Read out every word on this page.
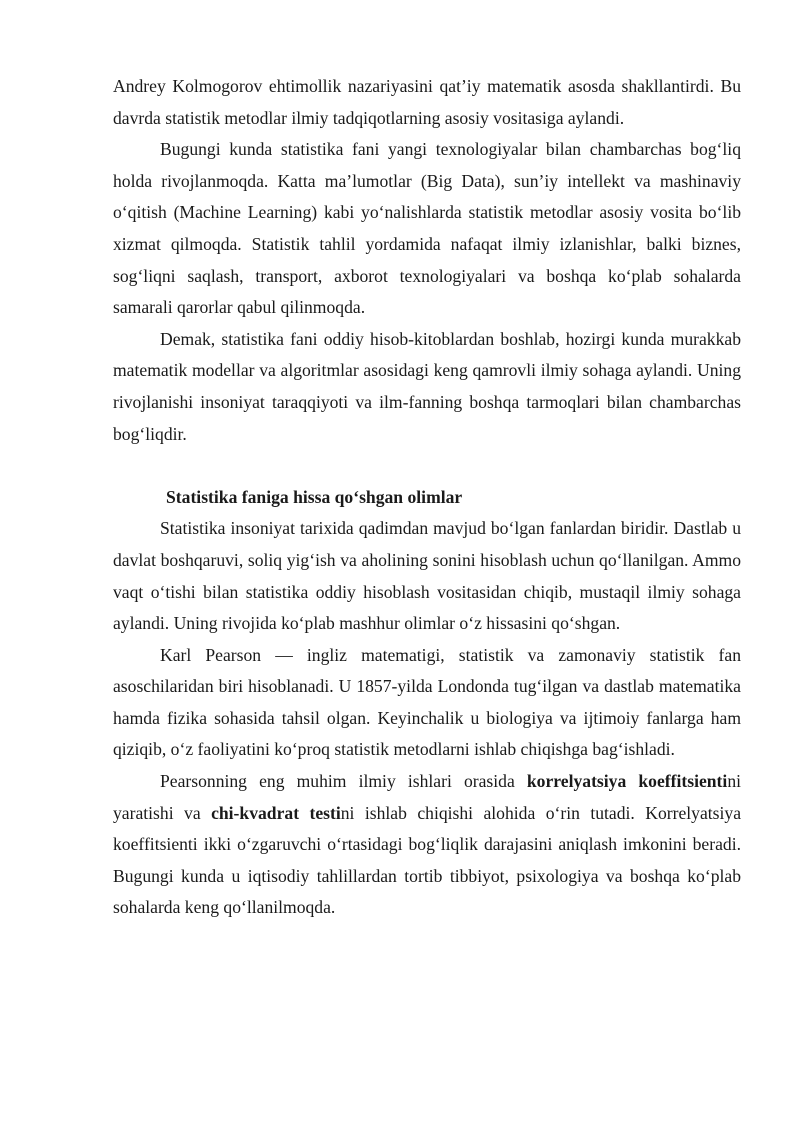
Andrey Kolmogorov ehtimollik nazariyasini qat’iy matematik asosda shakllantirdi. Bu davrda statistik metodlar ilmiy tadqiqotlarning asosiy vositasiga aylandi.

Bugungi kunda statistika fani yangi texnologiyalar bilan chambarchas bog‘liq holda rivojlanmoqda. Katta ma’lumotlar (Big Data), sun’iy intellekt va mashinaviy o‘qitish (Machine Learning) kabi yo‘nalishlarda statistik metodlar asosiy vosita bo‘lib xizmat qilmoqda. Statistik tahlil yordamida nafaqat ilmiy izlanishlar, balki biznes, sog‘liqni saqlash, transport, axborot texnologiyalari va boshqa ko‘plab sohalarda samarali qarorlar qabul qilinmoqda.

Demak, statistika fani oddiy hisob-kitoblardan boshlab, hozirgi kunda murakkab matematik modellar va algoritmlar asosidagi keng qamrovli ilmiy sohaga aylandi. Uning rivojlanishi insoniyat taraqqiyoti va ilm-fanning boshqa tarmoqlari bilan chambarchas bog‘liqdir.

Statistika faniga hissa qo‘shgan olimlar

Statistika insoniyat tarixida qadimdan mavjud bo‘lgan fanlardan biridir. Dastlab u davlat boshqaruvi, soliq yig‘ish va aholining sonini hisoblash uchun qo‘llanilgan. Ammo vaqt o‘tishi bilan statistika oddiy hisoblash vositasidan chiqib, mustaqil ilmiy sohaga aylandi. Uning rivojida ko‘plab mashhur olimlar o‘z hissasini qo‘shgan.

Karl Pearson — ingliz matematigi, statistik va zamonaviy statistik fan asoschilaridan biri hisoblanadi. U 1857-yilda Londonda tug‘ilgan va dastlab matematika hamda fizika sohasida tahsil olgan. Keyinchalik u biologiya va ijtimoiy fanlarga ham qiziqib, o‘z faoliyatini ko‘proq statistik metodlarni ishlab chiqishga bag‘ishladi.

Pearsonning eng muhim ilmiy ishlari orasida korrelyatsiya koeffitsientini yaratishi va chi-kvadrat testini ishlab chiqishi alohida o‘rin tutadi. Korrelyatsiya koeffitsienti ikki o‘zgaruvchi o‘rtasidagi bog‘liqlik darajasini aniqlash imkonini beradi. Bugungi kunda u iqtisodiy tahlillardan tortib tibbiyot, psixologiya va boshqa ko‘plab sohalarda keng qo‘llanilmoqda.
